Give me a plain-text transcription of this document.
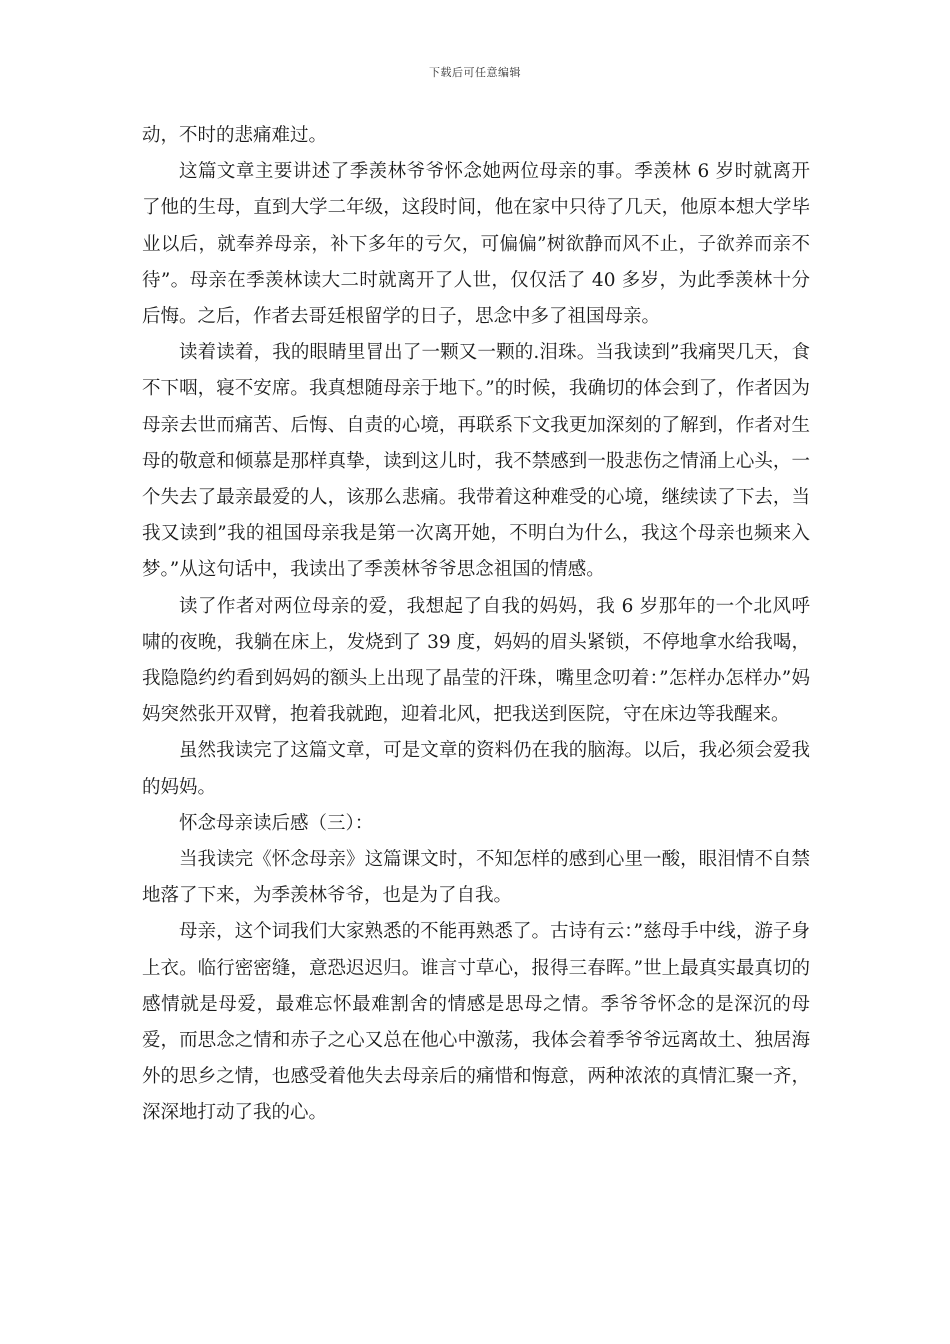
下载后可任意编辑

动，不时的悲痛难过。

这篇文章主要讲述了季羡林爷爷怀念她两位母亲的事。季羡林 6 岁时就离开了他的生母，直到大学二年级，这段时间，他在家中只待了几天，他原本想大学毕业以后，就奉养母亲，补下多年的亏欠，可偏偏”树欲静而风不止，子欲养而亲不待”。母亲在季羡林读大二时就离开了人世，仅仅活了 40 多岁，为此季羡林十分后悔。之后，作者去哥廷根留学的日子，思念中多了祖国母亲。

读着读着，我的眼睛里冒出了一颗又一颗的.泪珠。当我读到”我痛哭几天，食不下咽，寝不安席。我真想随母亲于地下。”的时候，我确切的体会到了，作者因为母亲去世而痛苦、后悔、自责的心境，再联系下文我更加深刻的了解到，作者对生母的敬意和倾慕是那样真挚，读到这儿时，我不禁感到一股悲伤之情涌上心头，一个失去了最亲最爱的人，该那么悲痛。我带着这种难受的心境，继续读了下去，当我又读到”我的祖国母亲我是第一次离开她，不明白为什么，我这个母亲也频来入梦。”从这句话中，我读出了季羡林爷爷思念祖国的情感。

读了作者对两位母亲的爱，我想起了自我的妈妈，我 6 岁那年的一个北风呼啸的夜晚，我躺在床上，发烧到了 39 度，妈妈的眉头紧锁，不停地拿水给我喝，我隐隐约约看到妈妈的额头上出现了晶莹的汗珠，嘴里念叨着：”怎样办怎样办”妈妈突然张开双臂，抱着我就跑，迎着北风，把我送到医院，守在床边等我醒来。

虽然我读完了这篇文章，可是文章的资料仍在我的脑海。以后，我必须会爱我的妈妈。

怀念母亲读后感（三）：

当我读完《怀念母亲》这篇课文时，不知怎样的感到心里一酸，眼泪情不自禁地落了下来，为季羡林爷爷，也是为了自我。

母亲，这个词我们大家熟悉的不能再熟悉了。古诗有云：”慈母手中线，游子身上衣。临行密密缝，意恐迟迟归。谁言寸草心，报得三春晖。”世上最真实最真切的感情就是母爱，最难忘怀最难割舍的情感是思母之情。季爷爷怀念的是深沉的母爱，而思念之情和赤子之心又总在他心中激荡，我体会着季爷爷远离故土、独居海外的思乡之情，也感受着他失去母亲后的痛惜和悔意，两种浓浓的真情汇聚一齐，深深地打动了我的心。
